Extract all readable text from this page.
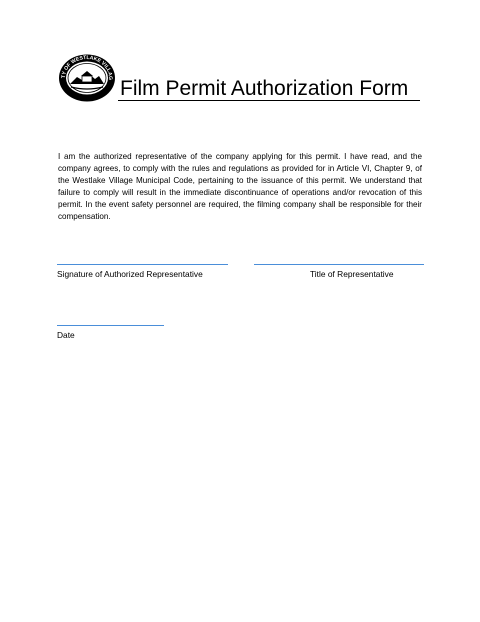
TY OF WESTLAKE VILLAG Film Permit Authorization Form

I am the authorized representative of the company applying for this permit. I have read, and the company agrees, to comply with the rules and regulations as provided for in Article VI, Chapter 9, of the Westlake Village Municipal Code, pertaining to the issuance of this permit. We understand that failure to comply will result in the immediate discontinuance of operations and/or revocation of this permit. In the event safety personnel are required, the filming company shall be responsible for their compensation.

Signature of Authorized Representative	Title of Representative
Date
